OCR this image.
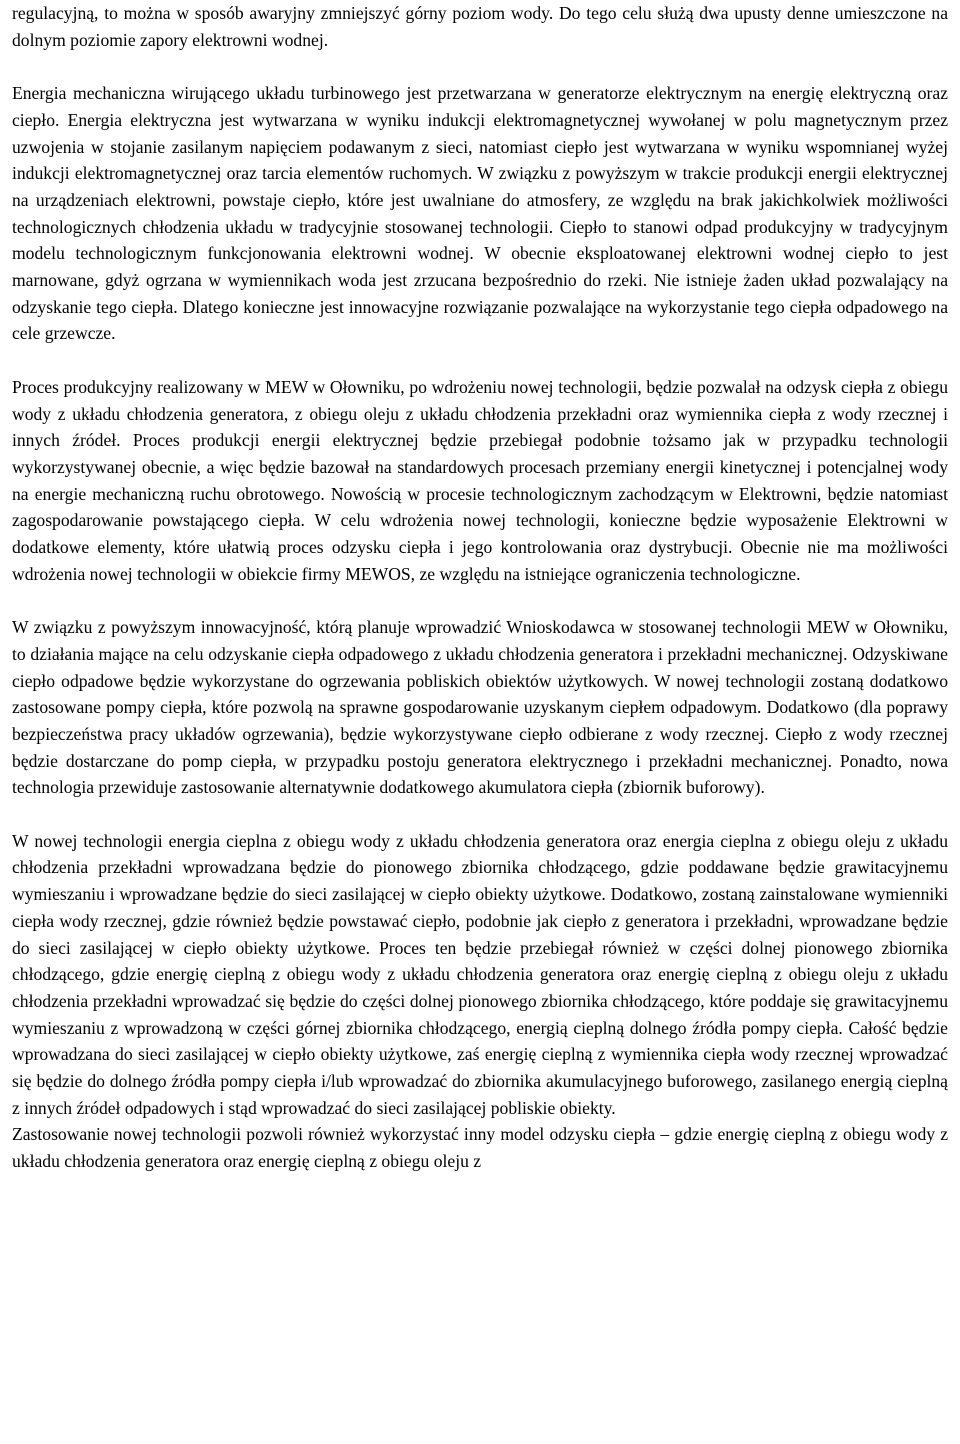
regulacyjną, to można w sposób awaryjny zmniejszyć górny poziom wody. Do tego celu służą dwa upusty denne umieszczone na dolnym poziomie zapory elektrowni wodnej.

Energia mechaniczna wirującego układu turbinowego jest przetwarzana w generatorze elektrycznym na energię elektryczną oraz ciepło. Energia elektryczna jest wytwarzana w wyniku indukcji elektromagnetycznej wywołanej w polu magnetycznym przez uzwojenia w stojanie zasilanym napięciem podawanym z sieci, natomiast ciepło jest wytwarzana w wyniku wspomnianej wyżej indukcji elektromagnetycznej oraz tarcia elementów ruchomych. W związku z powyższym w trakcie produkcji energii elektrycznej na urządzeniach elektrowni, powstaje ciepło, które jest uwalniane do atmosfery, ze względu na brak jakichkolwiek możliwości technologicznych chłodzenia układu w tradycyjnie stosowanej technologii. Ciepło to stanowi odpad produkcyjny w tradycyjnym modelu technologicznym funkcjonowania elektrowni wodnej. W obecnie eksploatowanej elektrowni wodnej ciepło to jest marnowane, gdyż ogrzana w wymiennikach woda jest zrzucana bezpośrednio do rzeki. Nie istnieje żaden układ pozwalający na odzyskanie tego ciepła. Dlatego konieczne jest innowacyjne rozwiązanie pozwalające na wykorzystanie tego ciepła odpadowego na cele grzewcze.

Proces produkcyjny realizowany w MEW w Ołowniku, po wdrożeniu nowej technologii, będzie pozwalał na odzysk ciepła z obiegu wody z układu chłodzenia generatora, z obiegu oleju z układu chłodzenia przekładni oraz wymiennika ciepła z wody rzecznej i innych źródeł. Proces produkcji energii elektrycznej będzie przebiegał podobnie tożsamo jak w przypadku technologii wykorzystywanej obecnie, a więc będzie bazował na standardowych procesach przemiany energii kinetycznej i potencjalnej wody na energie mechaniczną ruchu obrotowego. Nowością w procesie technologicznym zachodzącym w Elektrowni, będzie natomiast zagospodarowanie powstającego ciepła. W celu wdrożenia nowej technologii, konieczne będzie wyposażenie Elektrowni w dodatkowe elementy, które ułatwią proces odzysku ciepła i jego kontrolowania oraz dystrybucji. Obecnie nie ma możliwości wdrożenia nowej technologii w obiekcie firmy MEWOS, ze względu na istniejące ograniczenia technologiczne.

W związku z powyższym innowacyjność, którą planuje wprowadzić Wnioskodawca w stosowanej technologii MEW w Ołowniku, to działania mające na celu odzyskanie ciepła odpadowego z układu chłodzenia generatora i przekładni mechanicznej. Odzyskiwane ciepło odpadowe będzie wykorzystane do ogrzewania pobliskich obiektów użytkowych. W nowej technologii zostaną dodatkowo zastosowane pompy ciepła, które pozwolą na sprawne gospodarowanie uzyskanym ciepłem odpadowym. Dodatkowo (dla poprawy bezpieczeństwa pracy układów ogrzewania), będzie wykorzystywane ciepło odbierane z wody rzecznej. Ciepło z wody rzecznej będzie dostarczane do pomp ciepła, w przypadku postoju generatora elektrycznego i przekładni mechanicznej. Ponadto, nowa technologia przewiduje zastosowanie alternatywnie dodatkowego akumulatora ciepła (zbiornik buforowy).

W nowej technologii energia cieplna z obiegu wody z układu chłodzenia generatora oraz energia cieplna z obiegu oleju z układu chłodzenia przekładni wprowadzana będzie do pionowego zbiornika chłodzącego, gdzie poddawane będzie grawitacyjnemu wymieszaniu i wprowadzane będzie do sieci zasilającej w ciepło obiekty użytkowe. Dodatkowo, zostaną zainstalowane wymienniki ciepła wody rzecznej, gdzie również będzie powstawać ciepło, podobnie jak ciepło z generatora i przekładni, wprowadzane będzie do sieci zasilającej w ciepło obiekty użytkowe. Proces ten będzie przebiegał również w części dolnej pionowego zbiornika chłodzącego, gdzie energię cieplną z obiegu wody z układu chłodzenia generatora oraz energię cieplną z obiegu oleju z układu chłodzenia przekładni wprowadzać się będzie do części dolnej pionowego zbiornika chłodzącego, które poddaje się grawitacyjnemu wymieszaniu z wprowadzoną w części górnej zbiornika chłodzącego, energią cieplną dolnego źródła pompy ciepła. Całość będzie wprowadzana do sieci zasilającej w ciepło obiekty użytkowe, zaś energię cieplną z wymiennika ciepła wody rzecznej wprowadzać się będzie do dolnego źródła pompy ciepła i/lub wprowadzać do zbiornika akumulacyjnego buforowego, zasilanego energią cieplną z innych źródeł odpadowych i stąd wprowadzać do sieci zasilającej pobliskie obiekty.

Zastosowanie nowej technologii pozwoli również wykorzystać inny model odzysku ciepła – gdzie energię cieplną z obiegu wody z układu chłodzenia generatora oraz energię cieplną z obiegu oleju z
